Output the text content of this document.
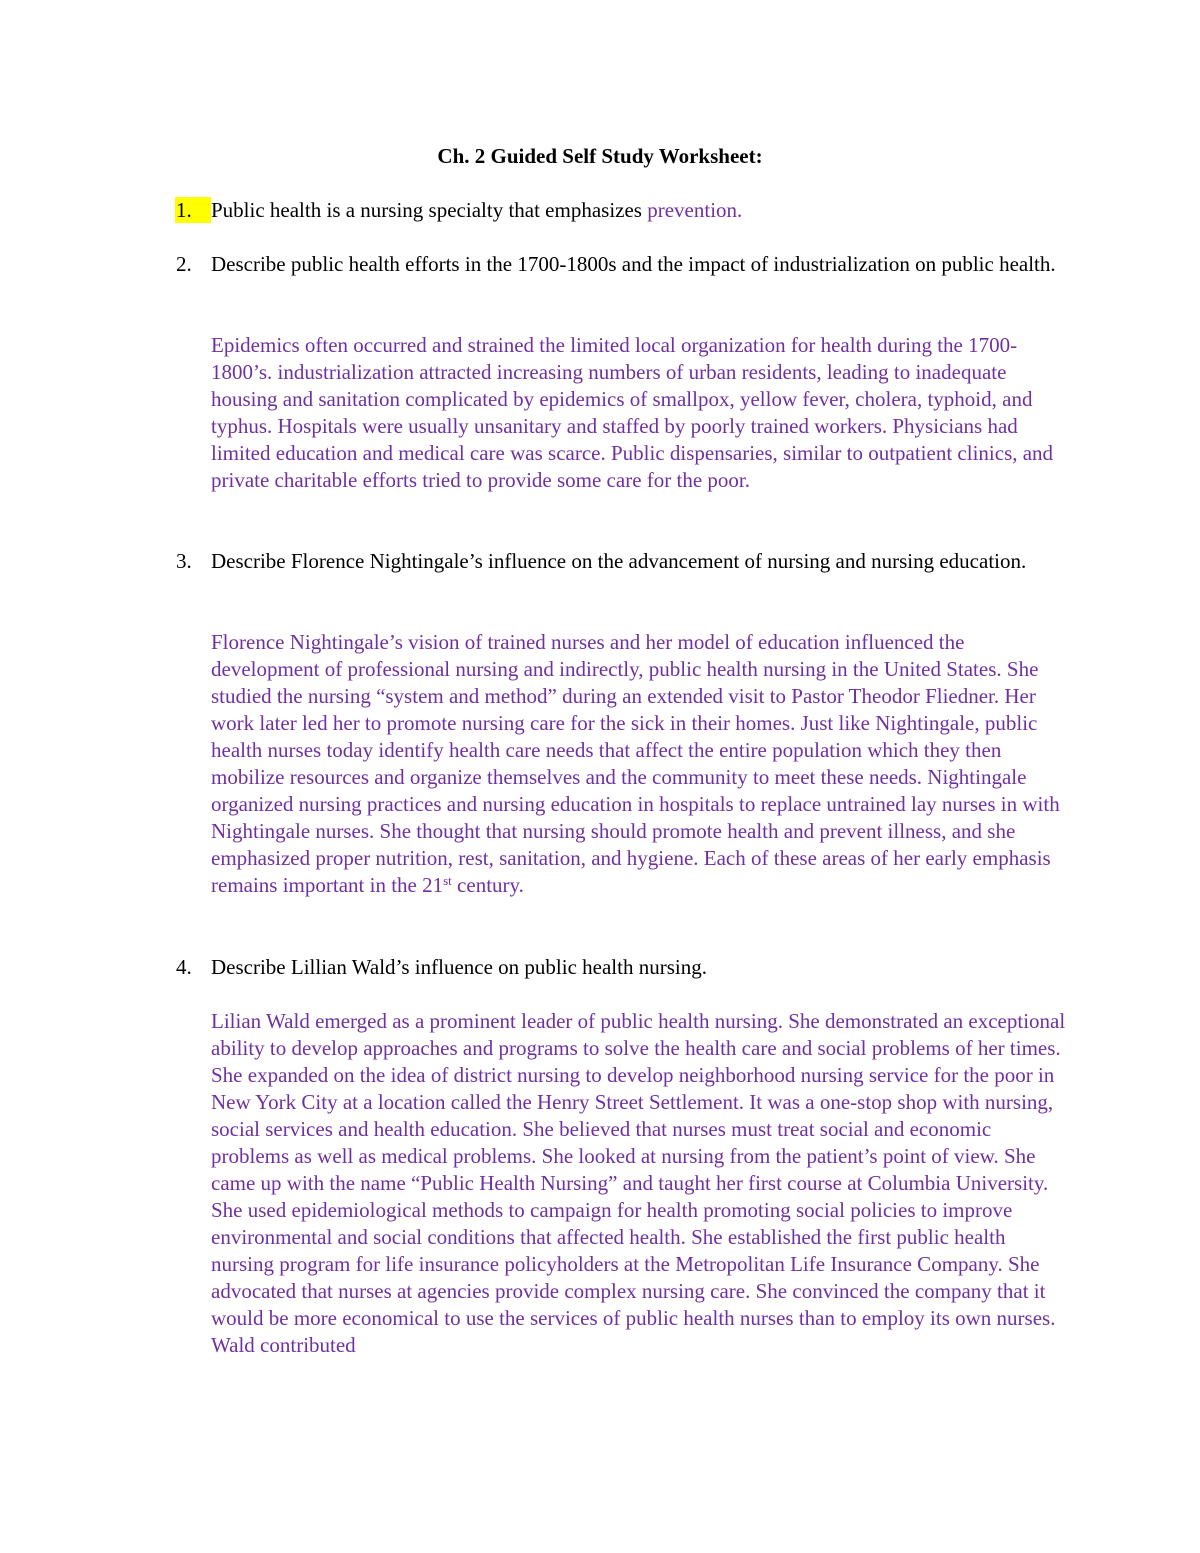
Ch. 2 Guided Self Study Worksheet:
1. Public health is a nursing specialty that emphasizes prevention.

2. Describe public health efforts in the 1700-1800s and the impact of industrialization on public health.

Epidemics often occurred and strained the limited local organization for health during the 1700-1800’s. industrialization attracted increasing numbers of urban residents, leading to inadequate housing and sanitation complicated by epidemics of smallpox, yellow fever, cholera, typhoid, and typhus. Hospitals were usually unsanitary and staffed by poorly trained workers. Physicians had limited education and medical care was scarce. Public dispensaries, similar to outpatient clinics, and private charitable efforts tried to provide some care for the poor.

3. Describe Florence Nightingale’s influence on the advancement of nursing and nursing education.

Florence Nightingale’s vision of trained nurses and her model of education influenced the development of professional nursing and indirectly, public health nursing in the United States. She studied the nursing “system and method” during an extended visit to Pastor Theodor Fliedner. Her work later led her to promote nursing care for the sick in their homes. Just like Nightingale, public health nurses today identify health care needs that affect the entire population which they then mobilize resources and organize themselves and the community to meet these needs. Nightingale organized nursing practices and nursing education in hospitals to replace untrained lay nurses in with Nightingale nurses. She thought that nursing should promote health and prevent illness, and she emphasized proper nutrition, rest, sanitation, and hygiene. Each of these areas of her early emphasis remains important in the 21st century.

4. Describe Lillian Wald’s influence on public health nursing.

Lilian Wald emerged as a prominent leader of public health nursing. She demonstrated an exceptional ability to develop approaches and programs to solve the health care and social problems of her times. She expanded on the idea of district nursing to develop neighborhood nursing service for the poor in New York City at a location called the Henry Street Settlement. It was a one-stop shop with nursing, social services and health education. She believed that nurses must treat social and economic problems as well as medical problems. She looked at nursing from the patient’s point of view. She came up with the name “Public Health Nursing” and taught her first course at Columbia University. She used epidemiological methods to campaign for health promoting social policies to improve environmental and social conditions that affected health. She established the first public health nursing program for life insurance policyholders at the Metropolitan Life Insurance Company. She advocated that nurses at agencies provide complex nursing care. She convinced the company that it would be more economical to use the services of public health nurses than to employ its own nurses. Wald contributed
